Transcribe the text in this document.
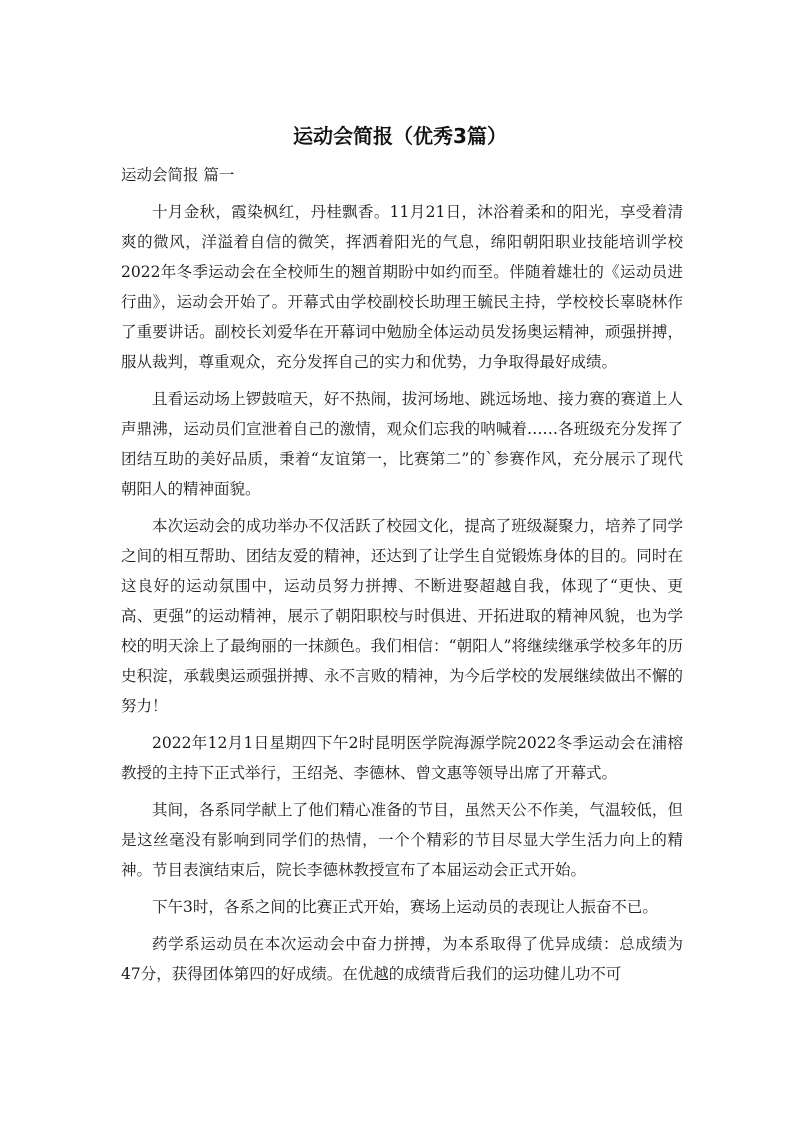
运动会简报（优秀3篇）

运动会简报 篇一

十月金秋，霞染枫红，丹桂飘香。11月21日，沐浴着柔和的阳光，享受着清爽的微风，洋溢着自信的微笑，挥洒着阳光的气息，绵阳朝阳职业技能培训学校2022年冬季运动会在全校师生的翘首期盼中如约而至。伴随着雄壮的《运动员进行曲》，运动会开始了。开幕式由学校副校长助理王毓民主持，学校校长辜晓林作了重要讲话。副校长刘爱华在开幕词中勉励全体运动员发扬奥运精神，顽强拼搏，服从裁判，尊重观众，充分发挥自己的实力和优势，力争取得最好成绩。

且看运动场上锣鼓喧天，好不热闹，拔河场地、跳远场地、接力赛的赛道上人声鼎沸，运动员们宣泄着自己的激情，观众们忘我的呐喊着……各班级充分发挥了团结互助的美好品质，秉着“友谊第一，比赛第二”的`参赛作风，充分展示了现代朝阳人的精神面貌。

本次运动会的成功举办不仅活跃了校园文化，提高了班级凝聚力，培养了同学之间的相互帮助、团结友爱的精神，还达到了让学生自觉锻炼身体的目的。同时在这良好的运动氛围中，运动员努力拼搏、不断进娶超越自我，体现了“更快、更高、更强”的运动精神，展示了朝阳职校与时俱进、开拓进取的精神风貌，也为学校的明天涂上了最绚丽的一抹颜色。我们相信：“朝阳人”将继续继承学校多年的历史积淀，承载奥运顽强拼搏、永不言败的精神，为今后学校的发展继续做出不懈的努力！

2022年12月1日星期四下午2时昆明医学院海源学院2022冬季运动会在浦榕教授的主持下正式举行，王绍尧、李德林、曾文惠等领导出席了开幕式。

其间，各系同学献上了他们精心准备的节目，虽然天公不作美，气温较低，但是这丝毫没有影响到同学们的热情，一个个精彩的节目尽显大学生活力向上的精神。节目表演结束后，院长李德林教授宣布了本届运动会正式开始。

下午3时，各系之间的比赛正式开始，赛场上运动员的表现让人振奋不已。

药学系运动员在本次运动会中奋力拼搏，为本系取得了优异成绩：总成绩为47分，获得团体第四的好成绩。在优越的成绩背后我们的运功健儿功不可
